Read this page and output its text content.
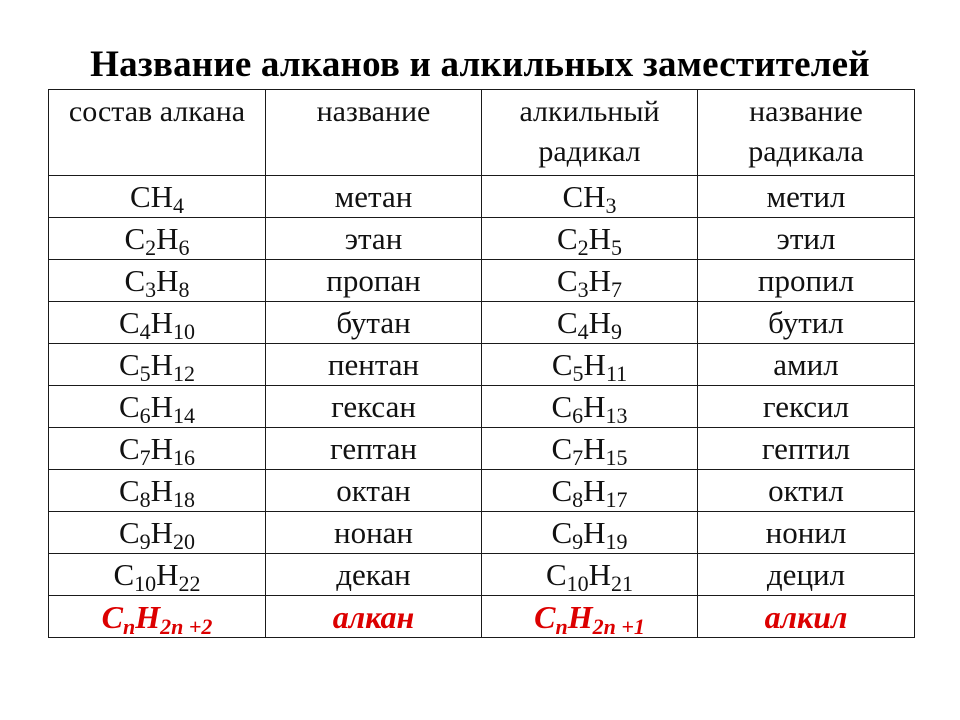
Название алканов и алкильных заместителей
состав алкана	название	алкильный радикал	название радикала
$CH_4$	метан	$CH_3$	метил
$C_2H_6$	этан	$C_2H_5$	этил
$C_3H_8$	пропан	$C_3H_7$	пропил
$C_4H_{10}$	бутан	$C_4H_9$	бутил
$C_5H_{12}$	пентан	$C_5H_{11}$	амил
$C_6H_{14}$	гексан	$C_6H_{13}$	гексил
$C_7H_{16}$	гептан	$C_7H_{15}$	гептил
$C_8H_{18}$	октан	$C_8H_{17}$	октил
$C_9H_{20}$	нонан	$C_9H_{19}$	нонил
$C_{10}H_{22}$	декан	$C_{10}H_{21}$	децил
$C_nH_{2n +2}$	алкан	$C_nH_{2n +1}$	алкил
